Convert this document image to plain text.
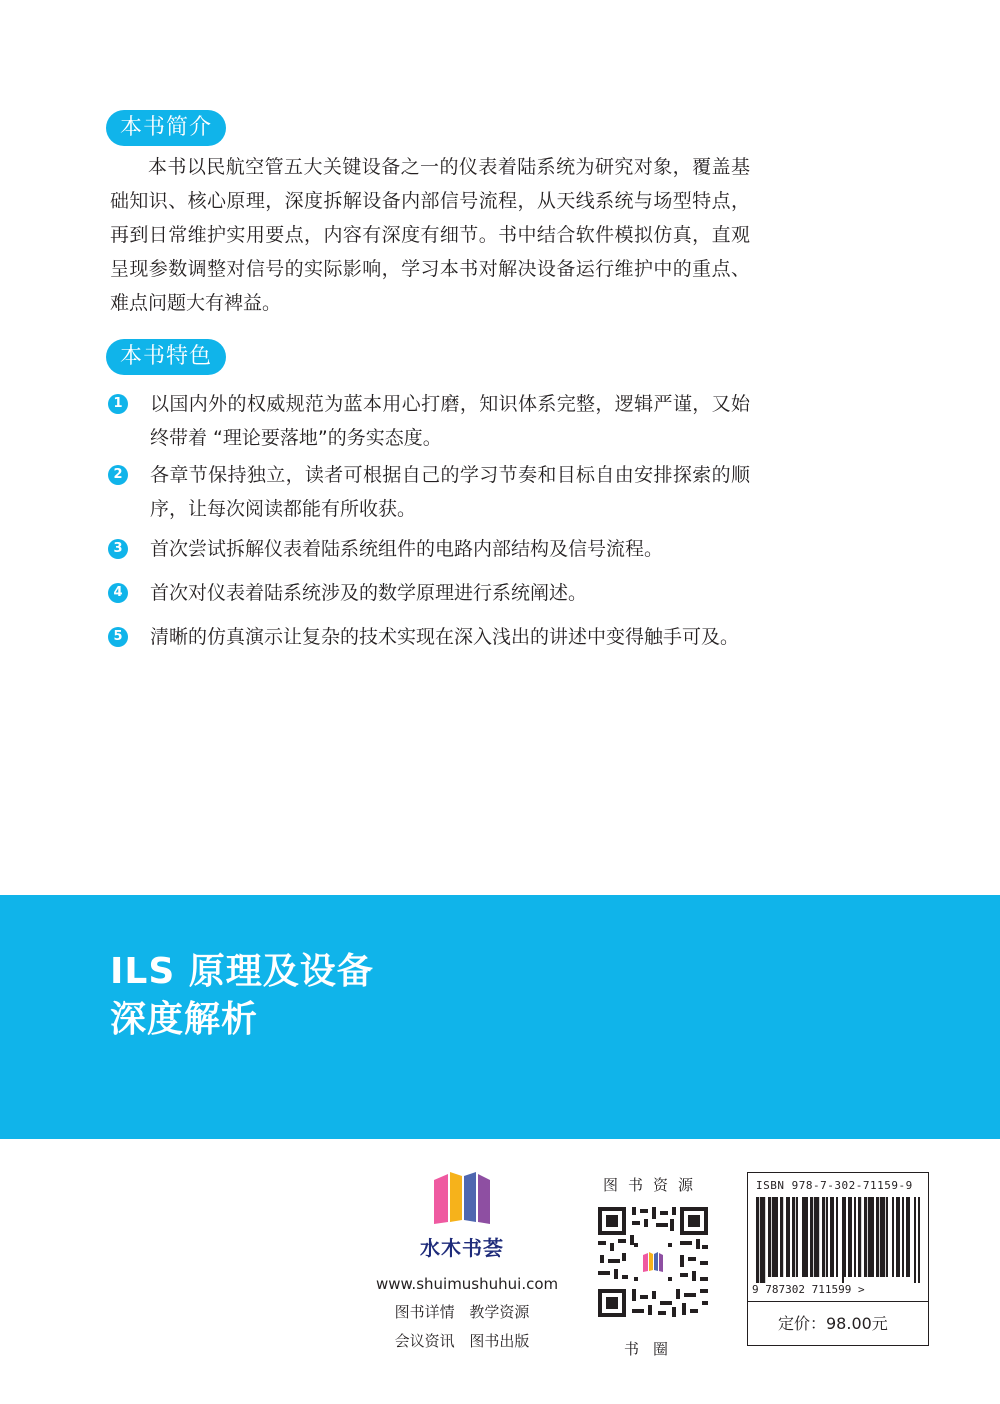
本书简介

本书以民航空管五大关键设备之一的仪表着陆系统为研究对象，覆盖基础知识、核心原理，深度拆解设备内部信号流程，从天线系统与场型特点，再到日常维护实用要点，内容有深度有细节。书中结合软件模拟仿真，直观呈现参数调整对信号的实际影响，学习本书对解决设备运行维护中的重点、难点问题大有裨益。

本书特色
1 以国内外的权威规范为蓝本用心打磨，知识体系完整，逻辑严谨，又始终带着 “理论要落地”的务实态度。
2 各章节保持独立，读者可根据自己的学习节奏和目标自由安排探索的顺序，让每次阅读都能有所收获。
3 首次尝试拆解仪表着陆系统组件的电路内部结构及信号流程。
4 首次对仪表着陆系统涉及的数学原理进行系统阐述。
5 清晰的仿真演示让复杂的技术实现在深入浅出的讲述中变得触手可及。
ILS 原理及设备
深度解析
水木书荟
www.shuimushuhui.com
图书详情 教学资源
会议资讯 图书出版
图书资源
书圈
ISBN 978-7-302-71159-9
9 787302 711599 >
定价：98.00元
